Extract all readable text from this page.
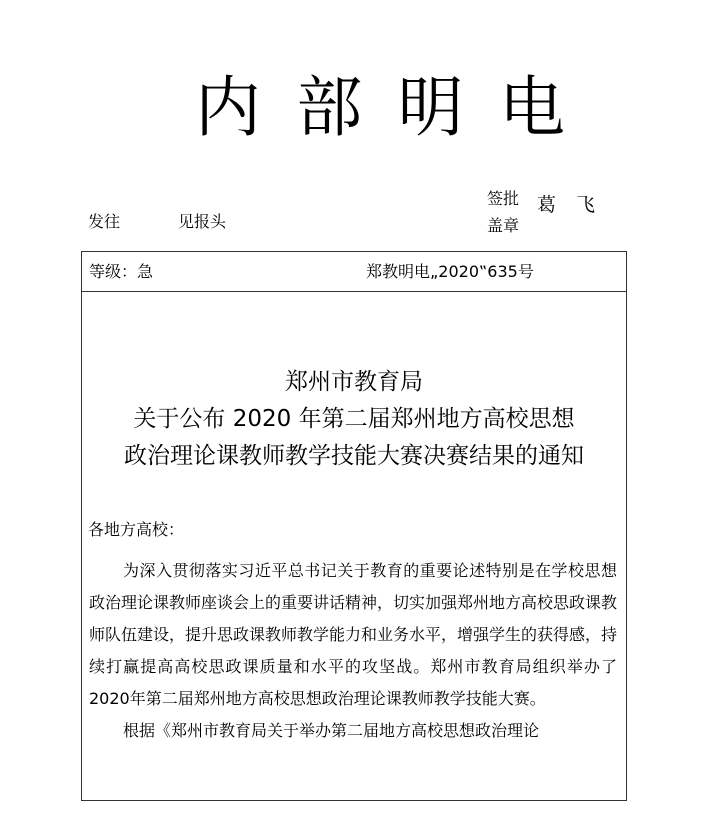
内 部 明 电
发往	见报头
签批
盖章
葛飞
等级：急	郑教明电„2020‟635号
郑州市教育局
关于公布 2020 年第二届郑州地方高校思想
政治理论课教师教学技能大赛决赛结果的通知
各地方高校：

为深入贯彻落实习近平总书记关于教育的重要论述特别是在学校思想政治理论课教师座谈会上的重要讲话精神，切实加强郑州地方高校思政课教师队伍建设，提升思政课教师教学能力和业务水平，增强学生的获得感，持续打赢提高高校思政课质量和水平的攻坚战。郑州市教育局组织举办了 2020年第二届郑州地方高校思想政治理论课教师教学技能大赛。

根据《郑州市教育局关于举办第二届地方高校思想政治理论
